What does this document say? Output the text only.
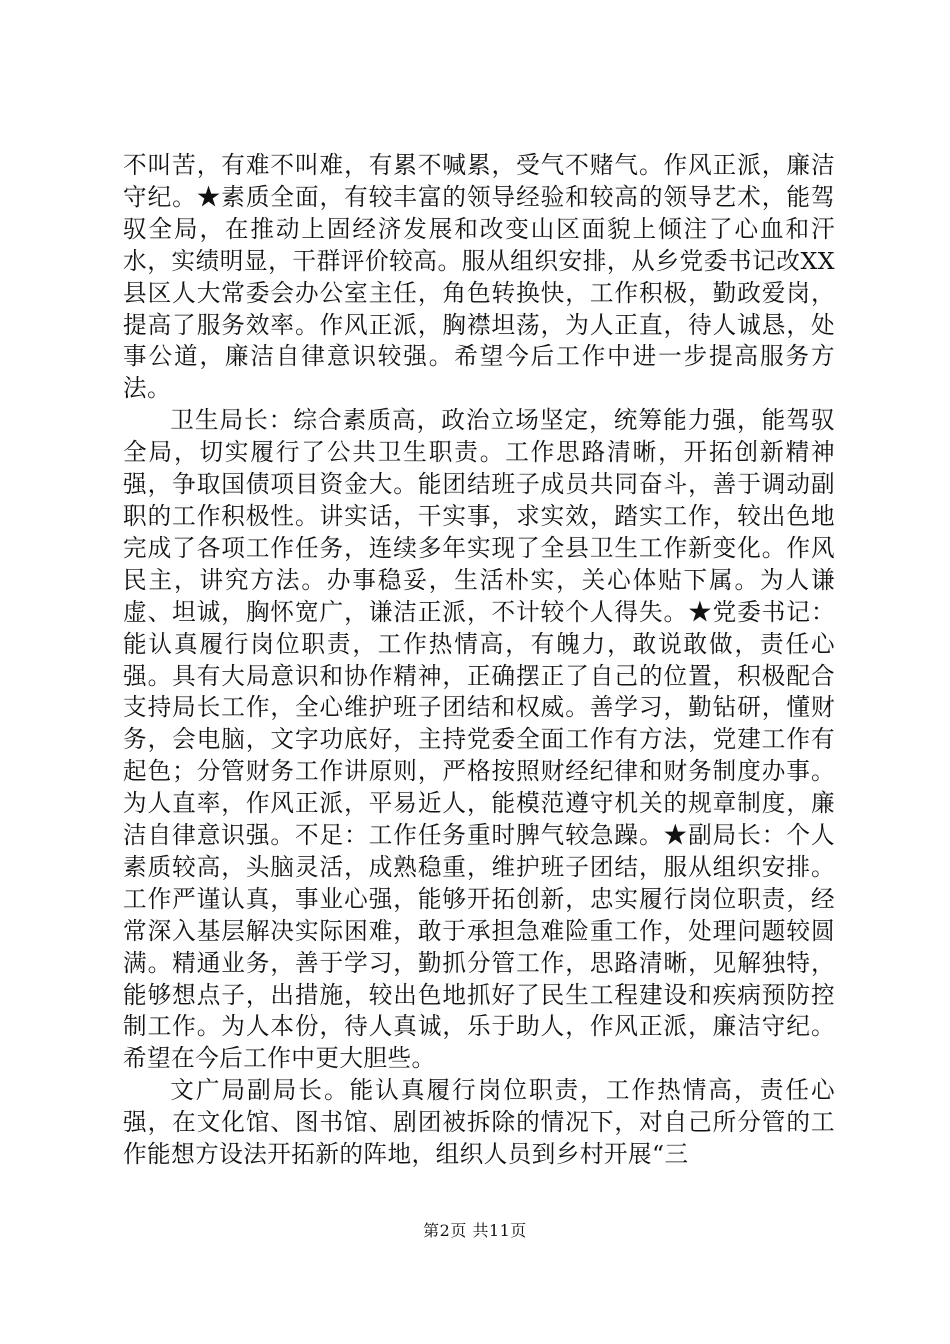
不叫苦，有难不叫难，有累不喊累，受气不赌气。作风正派，廉洁守纪。★素质全面，有较丰富的领导经验和较高的领导艺术，能驾驭全局，在推动上固经济发展和改变山区面貌上倾注了心血和汗水，实绩明显，干群评价较高。服从组织安排，从乡党委书记改XX县区人大常委会办公室主任，角色转换快，工作积极，勤政爱岗，提高了服务效率。作风正派，胸襟坦荡，为人正直，待人诚恳，处事公道，廉洁自律意识较强。希望今后工作中进一步提高服务方法。

卫生局长：综合素质高，政治立场坚定，统筹能力强，能驾驭全局，切实履行了公共卫生职责。工作思路清晰，开拓创新精神强，争取国债项目资金大。能团结班子成员共同奋斗，善于调动副职的工作积极性。讲实话，干实事，求实效，踏实工作，较出色地完成了各项工作任务，连续多年实现了全县卫生工作新变化。作风民主，讲究方法。办事稳妥，生活朴实，关心体贴下属。为人谦虚、坦诚，胸怀宽广，谦洁正派，不计较个人得失。★党委书记：能认真履行岗位职责，工作热情高，有魄力，敢说敢做，责任心强。具有大局意识和协作精神，正确摆正了自己的位置，积极配合支持局长工作，全心维护班子团结和权威。善学习，勤钻研，懂财务，会电脑，文字功底好，主持党委全面工作有方法，党建工作有起色；分管财务工作讲原则，严格按照财经纪律和财务制度办事。为人直率，作风正派，平易近人，能模范遵守机关的规章制度，廉洁自律意识强。不足：工作任务重时脾气较急躁。★副局长：个人素质较高，头脑灵活，成熟稳重，维护班子团结，服从组织安排。工作严谨认真，事业心强，能够开拓创新，忠实履行岗位职责，经常深入基层解决实际困难，敢于承担急难险重工作，处理问题较圆满。精通业务，善于学习，勤抓分管工作，思路清晰，见解独特，能够想点子，出措施，较出色地抓好了民生工程建设和疾病预防控制工作。为人本份，待人真诚，乐于助人，作风正派，廉洁守纪。希望在今后工作中更大胆些。

文广局副局长。能认真履行岗位职责，工作热情高，责任心强，在文化馆、图书馆、剧团被拆除的情况下，对自己所分管的工作能想方设法开拓新的阵地，组织人员到乡村开展“三

第2页 共11页
